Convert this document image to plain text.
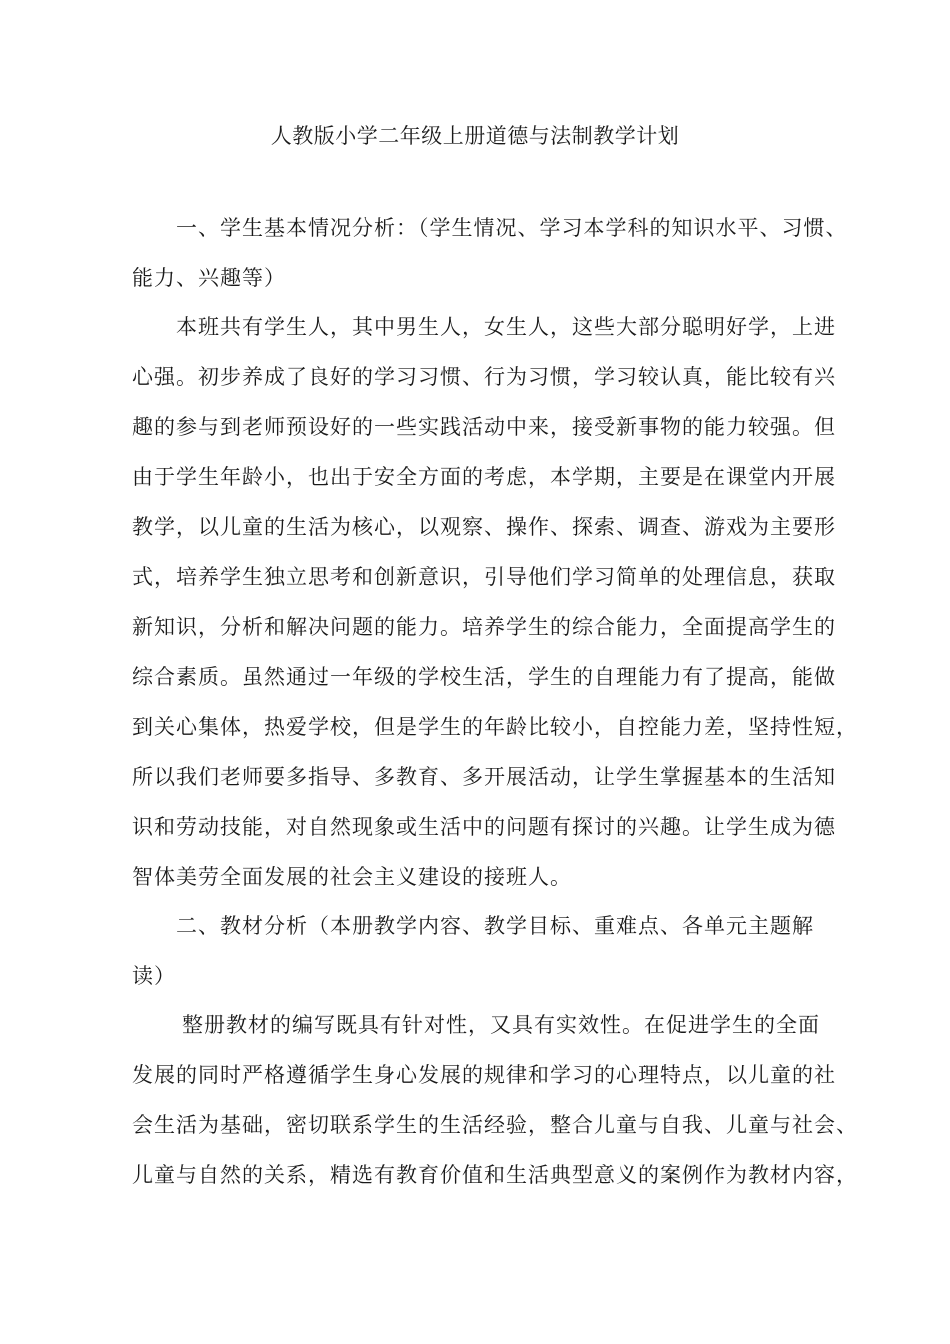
人教版小学二年级上册道德与法制教学计划
一、学生基本情况分析：（学生情况、学习本学科的知识水平、习惯、
能力、兴趣等）
本班共有学生人，其中男生人，女生人，这些大部分聪明好学，上进
心强。初步养成了良好的学习习惯、行为习惯，学习较认真，能比较有兴
趣的参与到老师预设好的一些实践活动中来，接受新事物的能力较强。但
由于学生年龄小，也出于安全方面的考虑，本学期，主要是在课堂内开展
教学，以儿童的生活为核心，以观察、操作、探索、调查、游戏为主要形
式，培养学生独立思考和创新意识，引导他们学习简单的处理信息，获取
新知识，分析和解决问题的能力。培养学生的综合能力，全面提高学生的
综合素质。虽然通过一年级的学校生活，学生的自理能力有了提高，能做
到关心集体，热爱学校，但是学生的年龄比较小，自控能力差，坚持性短，
所以我们老师要多指导、多教育、多开展活动，让学生掌握基本的生活知
识和劳动技能，对自然现象或生活中的问题有探讨的兴趣。让学生成为德
智体美劳全面发展的社会主义建设的接班人。
二、教材分析（本册教学内容、教学目标、重难点、各单元主题解
读）
整册教材的编写既具有针对性，又具有实效性。在促进学生的全面
发展的同时严格遵循学生身心发展的规律和学习的心理特点，以儿童的社
会生活为基础，密切联系学生的生活经验，整合儿童与自我、儿童与社会、
儿童与自然的关系，精选有教育价值和生活典型意义的案例作为教材内容，
